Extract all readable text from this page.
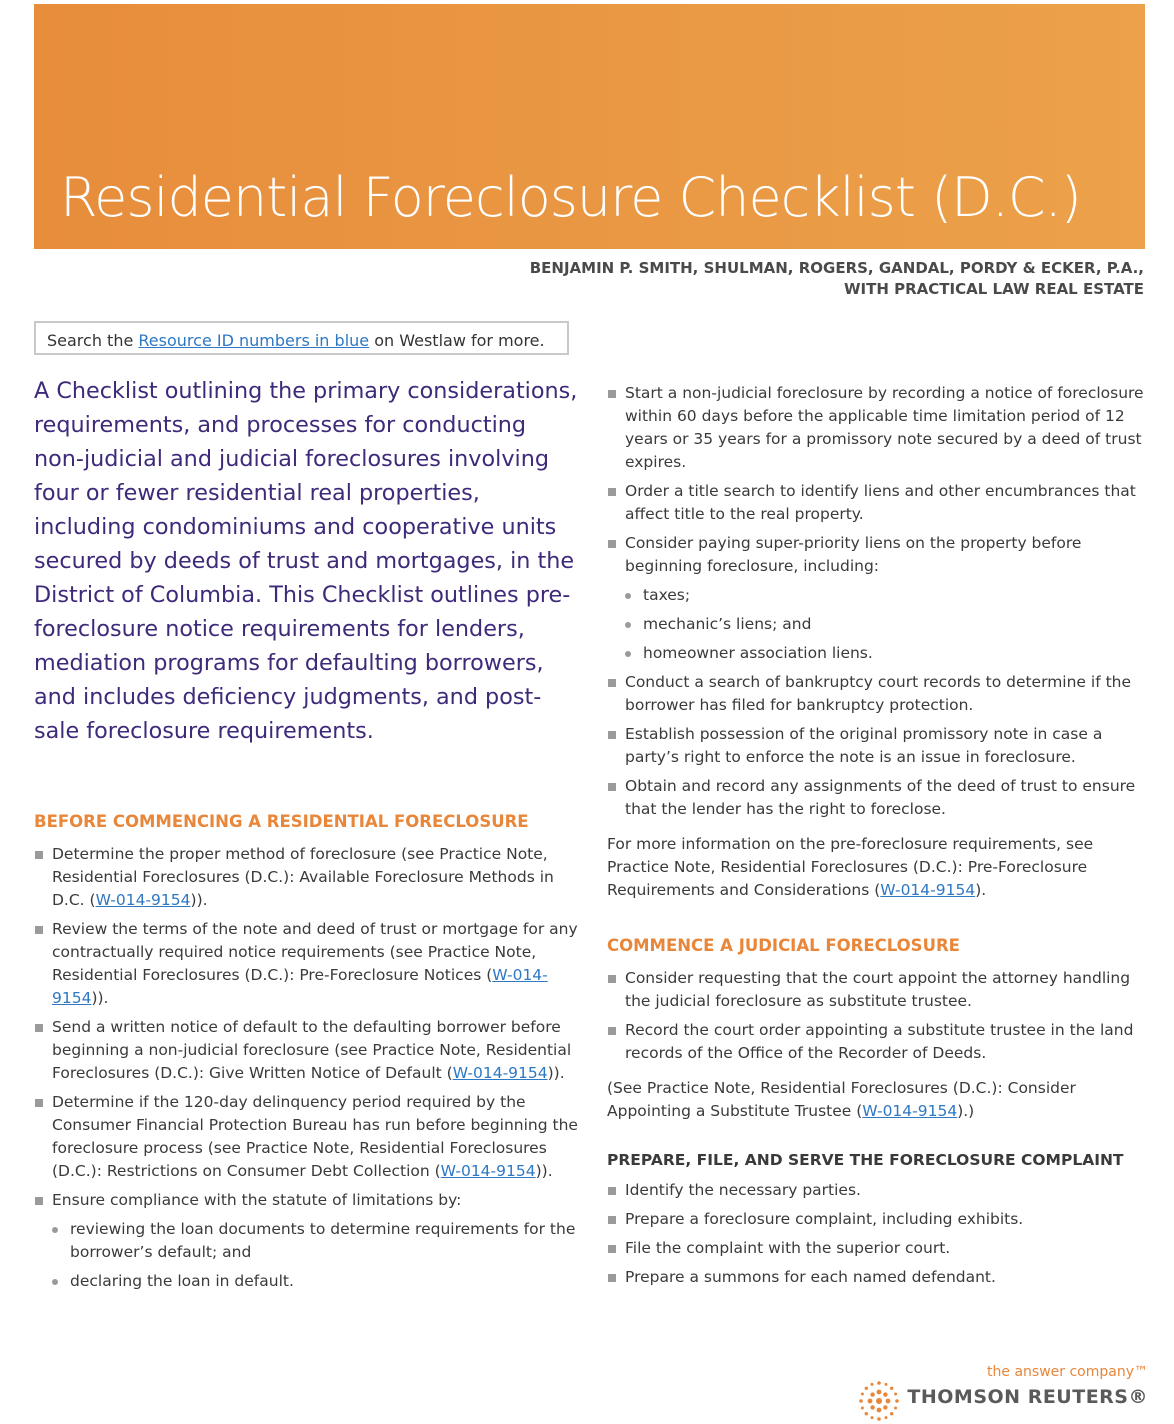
Residential Foreclosure Checklist (D.C.)
BENJAMIN P. SMITH, SHULMAN, ROGERS, GANDAL, PORDY & ECKER, P.A.,
WITH PRACTICAL LAW REAL ESTATE
Search the Resource ID numbers in blue on Westlaw for more.

A Checklist outlining the primary considerations, requirements, and processes for conducting non-judicial and judicial foreclosures involving four or fewer residential real properties, including condominiums and cooperative units secured by deeds of trust and mortgages, in the District of Columbia. This Checklist outlines pre-foreclosure notice requirements for lenders, mediation programs for defaulting borrowers, and includes deficiency judgments, and post-sale foreclosure requirements.

BEFORE COMMENCING A RESIDENTIAL FORECLOSURE
Determine the proper method of foreclosure (see Practice Note, Residential Foreclosures (D.C.): Available Foreclosure Methods in D.C. (W-014-9154)).
Review the terms of the note and deed of trust or mortgage for any contractually required notice requirements (see Practice Note, Residential Foreclosures (D.C.): Pre-Foreclosure Notices (W-014-9154)).
Send a written notice of default to the defaulting borrower before beginning a non-judicial foreclosure (see Practice Note, Residential Foreclosures (D.C.): Give Written Notice of Default (W-014-9154)).
Determine if the 120-day delinquency period required by the Consumer Financial Protection Bureau has run before beginning the foreclosure process (see Practice Note, Residential Foreclosures (D.C.): Restrictions on Consumer Debt Collection (W-014-9154)).
Ensure compliance with the statute of limitations by:
reviewing the loan documents to determine requirements for the borrower’s default; and
declaring the loan in default.
Start a non-judicial foreclosure by recording a notice of foreclosure within 60 days before the applicable time limitation period of 12 years or 35 years for a promissory note secured by a deed of trust expires.
Order a title search to identify liens and other encumbrances that affect title to the real property.
Consider paying super-priority liens on the property before beginning foreclosure, including:
taxes;
mechanic’s liens; and
homeowner association liens.
Conduct a search of bankruptcy court records to determine if the borrower has filed for bankruptcy protection.
Establish possession of the original promissory note in case a party’s right to enforce the note is an issue in foreclosure.
Obtain and record any assignments of the deed of trust to ensure that the lender has the right to foreclose.

For more information on the pre-foreclosure requirements, see Practice Note, Residential Foreclosures (D.C.): Pre-Foreclosure Requirements and Considerations (W-014-9154).

COMMENCE A JUDICIAL FORECLOSURE
Consider requesting that the court appoint the attorney handling the judicial foreclosure as substitute trustee.
Record the court order appointing a substitute trustee in the land records of the Office of the Recorder of Deeds.

(See Practice Note, Residential Foreclosures (D.C.): Consider Appointing a Substitute Trustee (W-014-9154).)

PREPARE, FILE, AND SERVE THE FORECLOSURE COMPLAINT
Identify the necessary parties.
Prepare a foreclosure complaint, including exhibits.
File the complaint with the superior court.
Prepare a summons for each named defendant.
the answer company™
THOMSON REUTERS®
